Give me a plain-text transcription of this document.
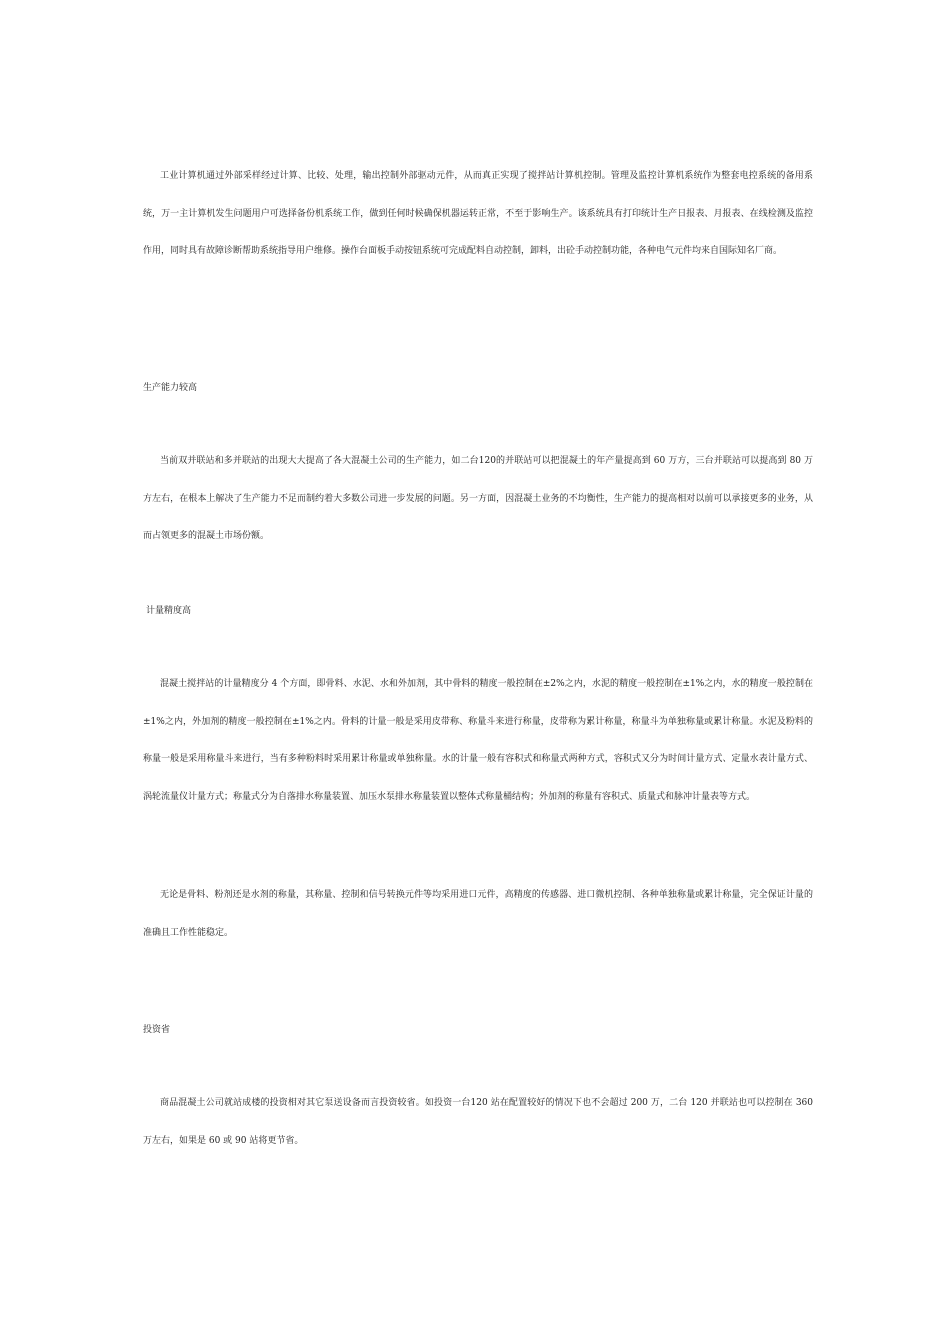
工业计算机通过外部采样经过计算、比较、处理，输出控制外部驱动元件，从而真正实现了搅拌站计算机控制。管理及监控计算机系统作为整套电控系统的备用系统，万一主计算机发生问题用户可选择备份机系统工作，做到任何时候确保机器运转正常，不至于影响生产。该系统具有打印统计生产日报表、月报表、在线检测及监控作用，同时具有故障诊断帮助系统指导用户维修。操作台面板手动按钮系统可完成配料自动控制，卸料，出砼手动控制功能，各种电气元件均来自国际知名厂商。

生产能力较高

当前双并联站和多并联站的出现大大提高了各大混凝土公司的生产能力，如二台120的并联站可以把混凝土的年产量提高到 60 万方，三台并联站可以提高到 80 万方左右，在根本上解决了生产能力不足而制约着大多数公司进一步发展的问题。另一方面，因混凝土业务的不均衡性，生产能力的提高相对以前可以承接更多的业务，从而占领更多的混凝土市场份额。

计量精度高

混凝土搅拌站的计量精度分 4 个方面，即骨料、水泥、水和外加剂，其中骨料的精度一般控制在±2%之内，水泥的精度一般控制在±1%之内，水的精度一般控制在±1%之内，外加剂的精度一般控制在±1%之内。骨料的计量一般是采用皮带称、称量斗来进行称量，皮带称为累计称量，称量斗为单独称量或累计称量。水泥及粉料的称量一般是采用称量斗来进行，当有多种粉料时采用累计称量或单独称量。水的计量一般有容积式和称量式两种方式，容积式又分为时间计量方式、定量水表计量方式、涡轮流量仪计量方式；称量式分为自落排水称量装置、加压水泵排水称量装置以整体式称量桶结构；外加剂的称量有容积式、质量式和脉冲计量表等方式。

无论是骨料、粉剂还是水剂的称量，其称量、控制和信号转换元件等均采用进口元件，高精度的传感器、进口微机控制、各种单独称量或累计称量，完全保证计量的准确且工作性能稳定。

投资省

商品混凝土公司就站成楼的投资相对其它泵送设备而言投资较省。如投资一台120 站在配置较好的情况下也不会超过 200 万，二台 120 并联站也可以控制在 360 万左右，如果是 60 或 90 站将更节省。
